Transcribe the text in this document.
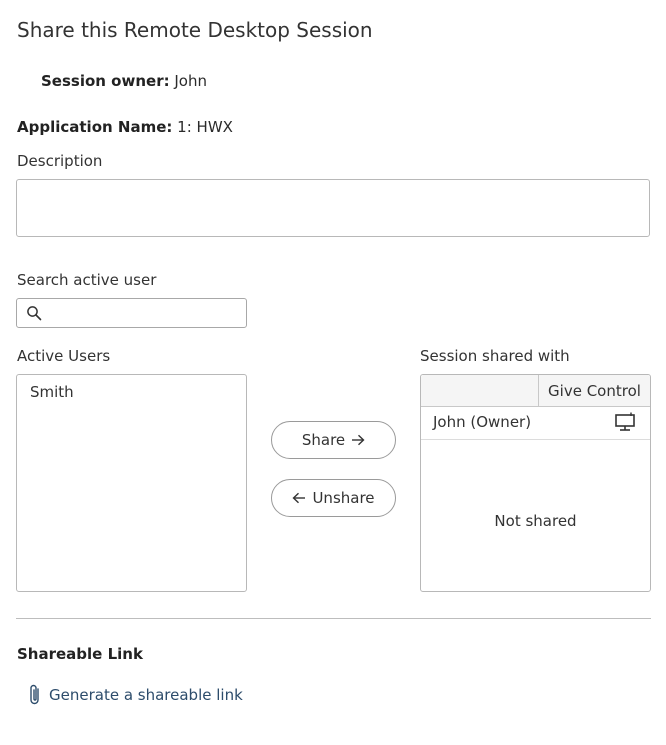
Share this Remote Desktop Session
Session owner: John
Application Name: 1: HWX
Description
Search active user
Active Users
Smith
Share
Unshare
Session shared with
Give Control
John (Owner)
Not shared
Shareable Link
Generate a shareable link
